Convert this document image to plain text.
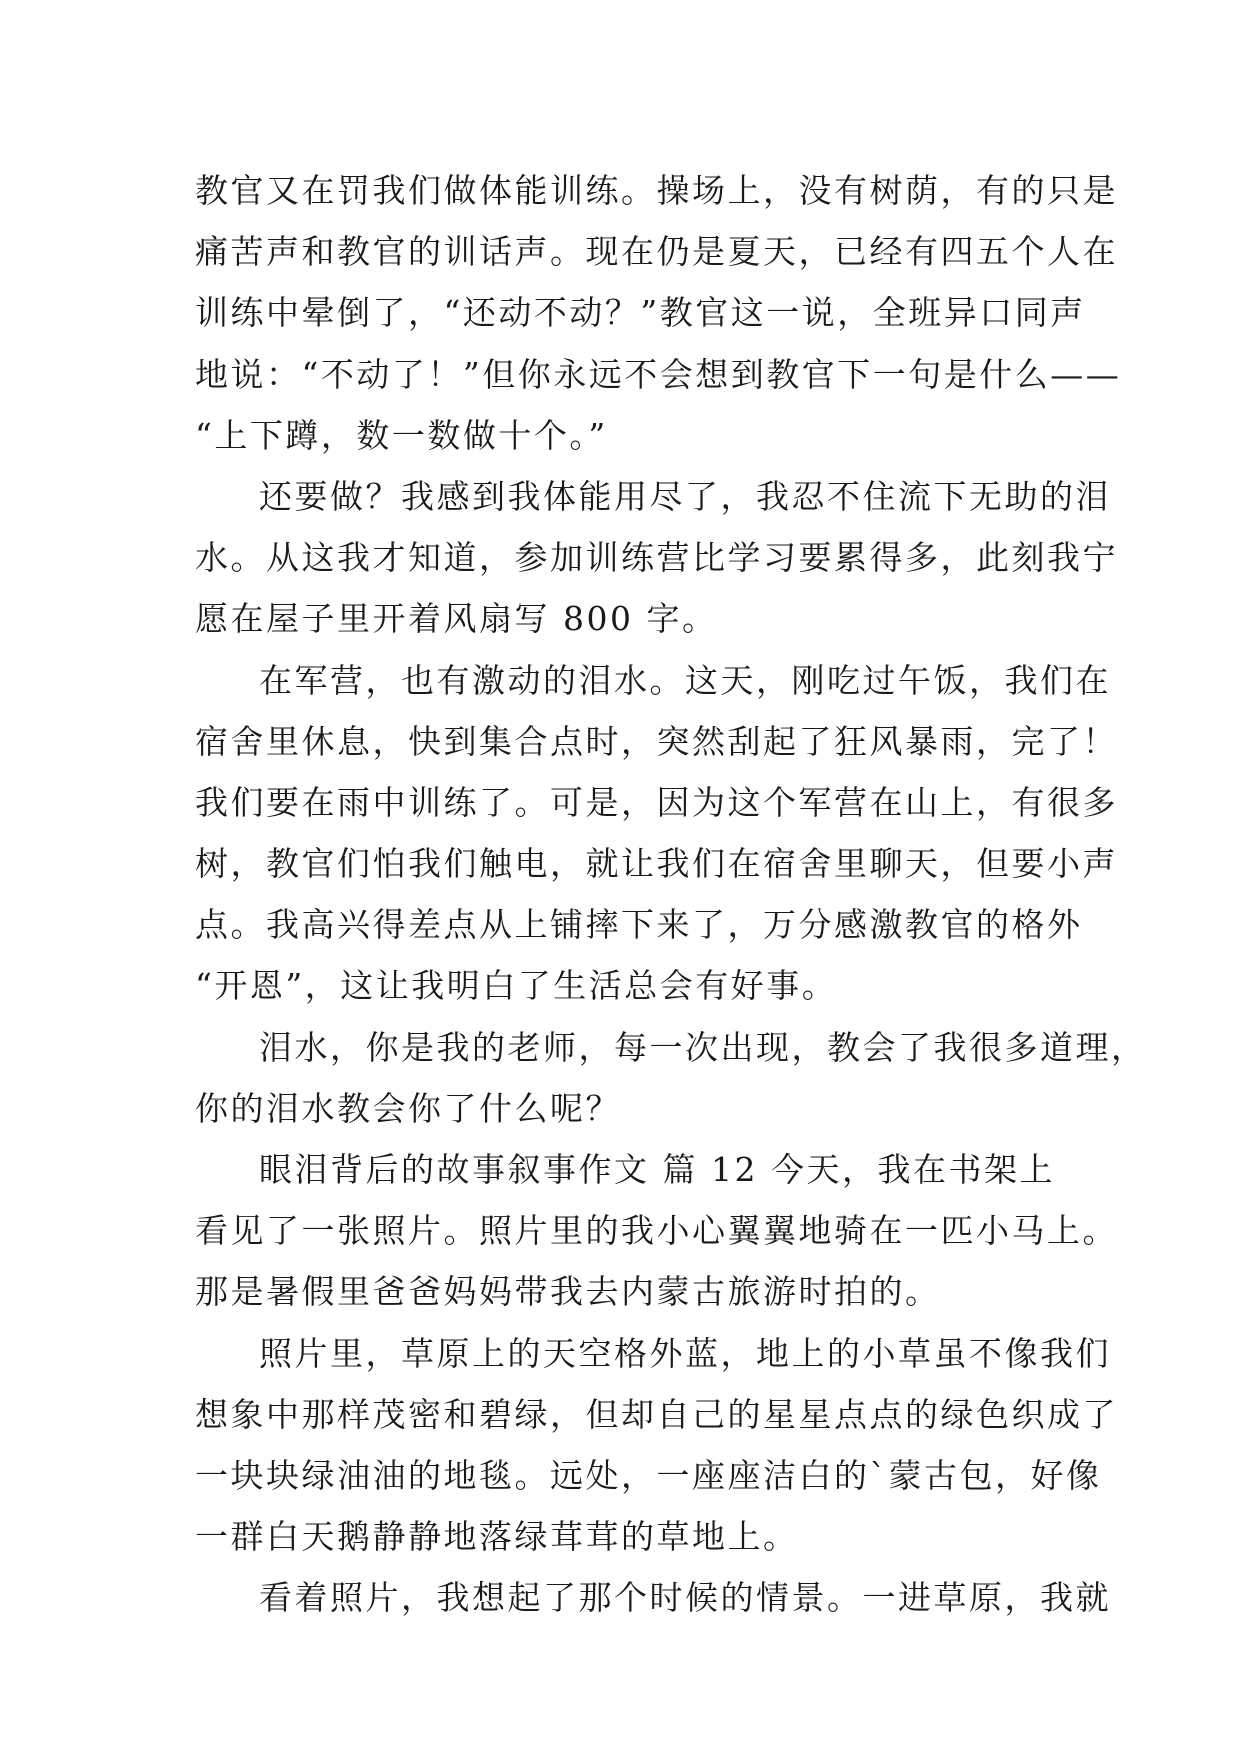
教官又在罚我们做体能训练。操场上，没有树荫，有的只是
痛苦声和教官的训话声。现在仍是夏天，已经有四五个人在
训练中晕倒了，“还动不动？”教官这一说，全班异口同声
地说：“不动了！”但你永远不会想到教官下一句是什么——
“上下蹲，数一数做十个。”
还要做？我感到我体能用尽了，我忍不住流下无助的泪
水。从这我才知道，参加训练营比学习要累得多，此刻我宁
愿在屋子里开着风扇写 800 字。
在军营，也有激动的泪水。这天，刚吃过午饭，我们在
宿舍里休息，快到集合点时，突然刮起了狂风暴雨，完了！
我们要在雨中训练了。可是，因为这个军营在山上，有很多
树，教官们怕我们触电，就让我们在宿舍里聊天，但要小声
点。我高兴得差点从上铺摔下来了，万分感激教官的格外
“开恩”，这让我明白了生活总会有好事。
泪水，你是我的老师，每一次出现，教会了我很多道理，
你的泪水教会你了什么呢？
眼泪背后的故事叙事作文 篇 12 今天，我在书架上
看见了一张照片。照片里的我小心翼翼地骑在一匹小马上。
那是暑假里爸爸妈妈带我去内蒙古旅游时拍的。
照片里，草原上的天空格外蓝，地上的小草虽不像我们
想象中那样茂密和碧绿，但却自己的星星点点的绿色织成了
一块块绿油油的地毯。远处，一座座洁白的`蒙古包，好像
一群白天鹅静静地落绿茸茸的草地上。
看着照片，我想起了那个时候的情景。一进草原，我就
